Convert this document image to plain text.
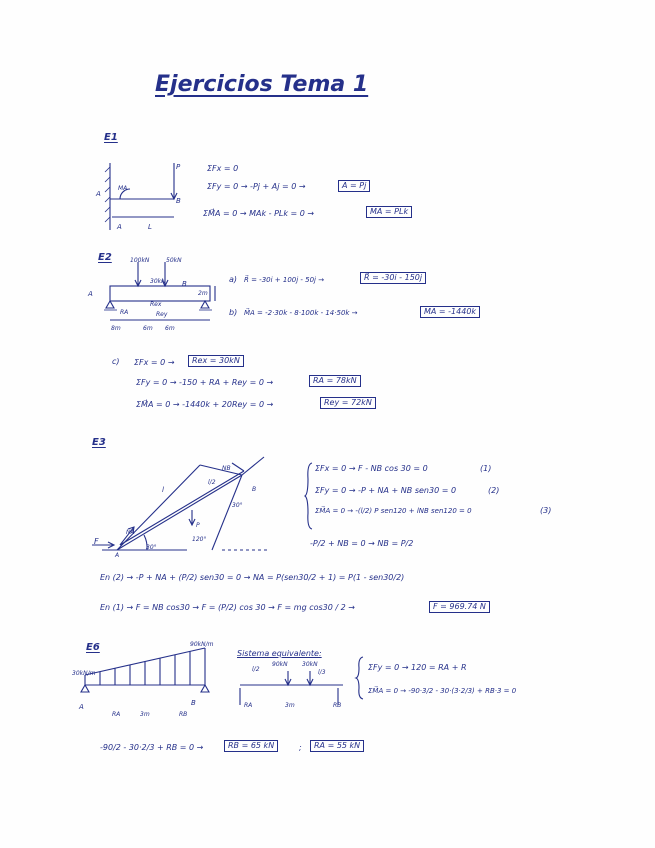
Ejercicios Tema 1
E1
P
A
B
MA
A	L
ΣFx = 0
ΣFy = 0 → -Pj + Aj = 0 →	A = Pj
ΣM⃗A = 0 → MAk - PLk = 0 →	MA = PLk
E2	100kN	50kN
30kN
A
B
2m
RA
Rex
Rey
8m	6m 6m
a) R⃗ = -30i + 100j - 50j →	R⃗ = -30i - 150j
b) M⃗A = -2·30k - 8·100k - 14·50k →	MA = -1440k
c) ΣFx = 0 →	Rex = 30kN
ΣFy = 0 → -150 + RA + Rey = 0 →	RA = 78kN
ΣM⃗A = 0 → -1440k + 20Rey = 0 →	Rey = 72kN
E3
l
l/2
NB
NA
P
F
A
B
30°
120°
30°
ΣFx = 0 → F - NB cos 30 = 0	(1)
ΣFy = 0 → -P + NA + NB sen30 = 0	(2)
ΣM⃗A = 0 → -(l/2) P sen120 + lNB sen120 = 0	(3)
-P/2 + NB = 0 → NB = P/2
En (2) → -P + NA + (P/2) sen30 = 0 → NA = P(sen30/2 + 1) = P(1 - sen30/2)
En (1) → F = NB cos30 → F = (P/2) cos 30 → F = mg cos30 / 2 →	F = 969.74 N
E6
30kN/m
90kN/m
A	B
RA	3m	RB
Sistema equivalente:
l/2
90kN 30kN
l/3
RA	3m	RB
ΣFy = 0 → 120 = RA + R
ΣM⃗A = 0 → -90·3/2 - 30·(3·2/3) + RB·3 = 0
-90/2 - 30·2/3 + RB = 0 →	RB = 65 kN	;	RA = 55 kN
